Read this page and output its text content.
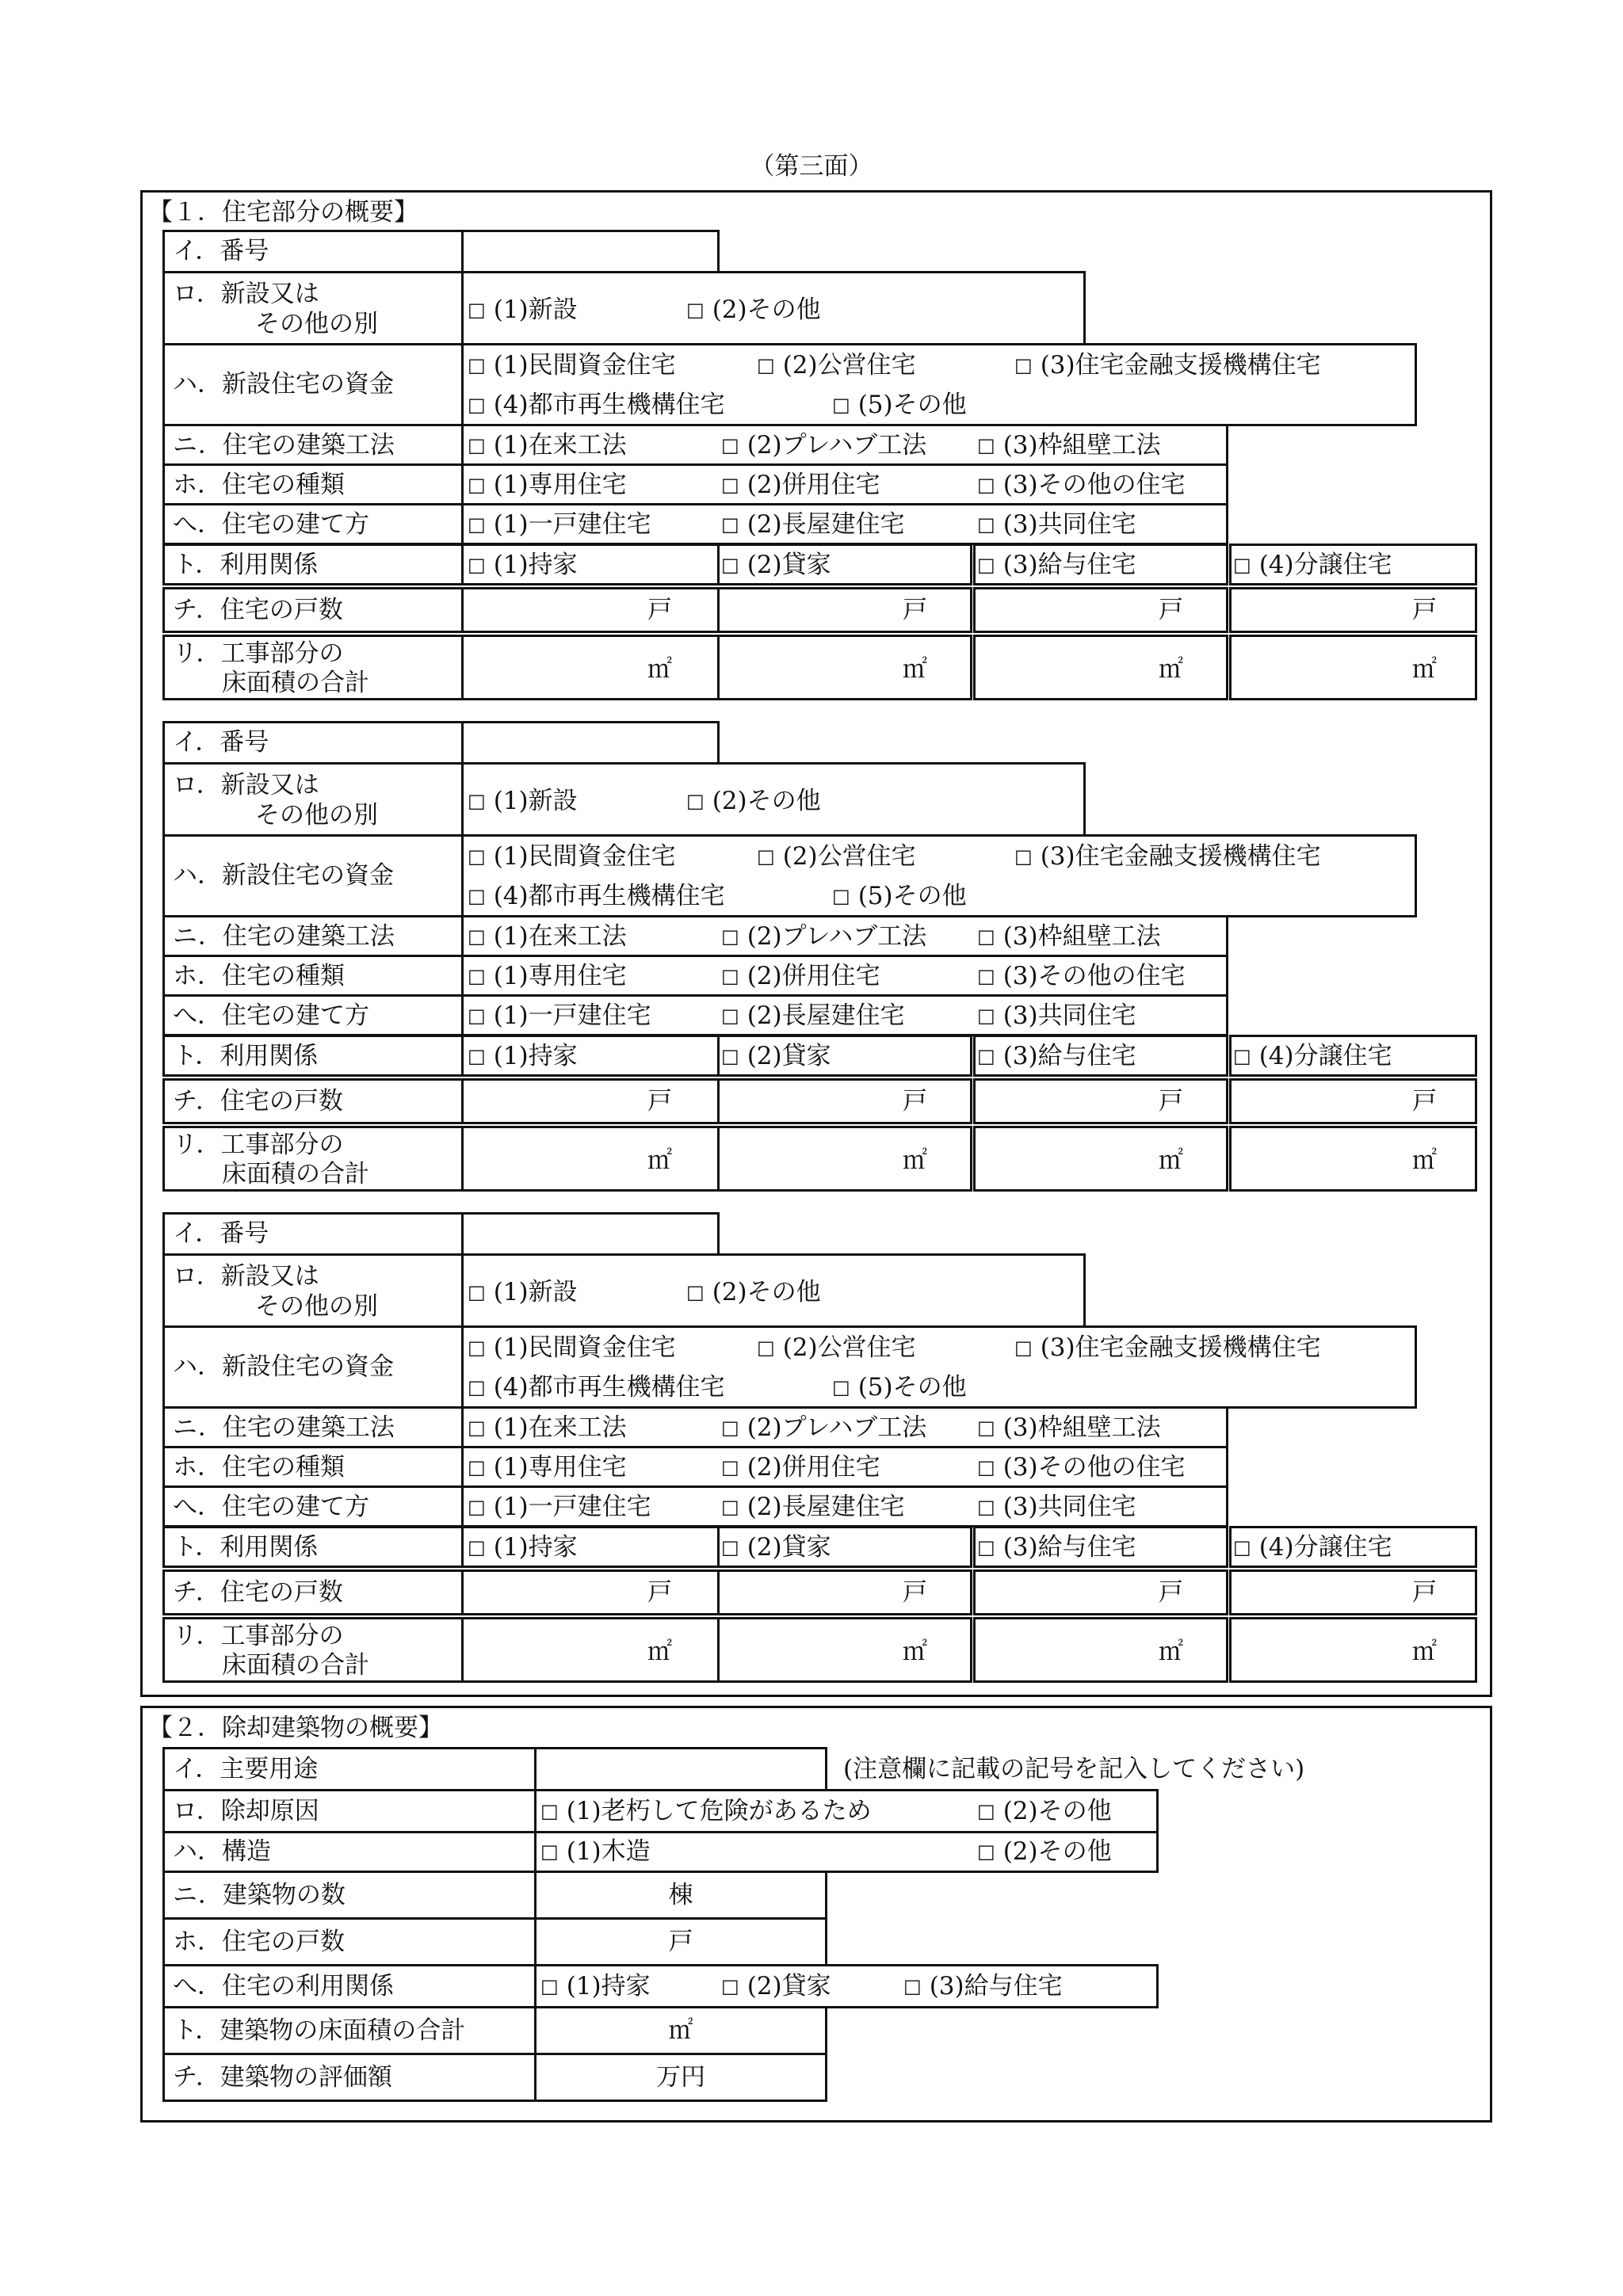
（第三面）
【１．住宅部分の概要】
イ．番号
ロ．新設又は
その他の別	□ (1)新設	□ (2)その他
ハ．新設住宅の資金
□ (1)民間資金住宅	□ (2)公営住宅	□ (3)住宅金融支援機構住宅
□ (4)都市再生機構住宅	□ (5)その他
ニ．住宅の建築工法	□ (1)在来工法	□ (2)プレハブ工法	□ (3)枠組壁工法
ホ．住宅の種類	□ (1)専用住宅	□ (2)併用住宅	□ (3)その他の住宅
へ．住宅の建て方	□ (1)一戸建住宅	□ (2)長屋建住宅	□ (3)共同住宅
ト．利用関係	□ (1)持家	□ (2)貸家	□ (3)給与住宅	□ (4)分譲住宅
チ．住宅の戸数	戸	戸	戸	戸
リ．工事部分の
床面積の合計	㎡	㎡	㎡	㎡
イ．番号
ロ．新設又は
その他の別	□ (1)新設	□ (2)その他
ハ．新設住宅の資金
□ (1)民間資金住宅	□ (2)公営住宅	□ (3)住宅金融支援機構住宅
□ (4)都市再生機構住宅	□ (5)その他
ニ．住宅の建築工法	□ (1)在来工法	□ (2)プレハブ工法	□ (3)枠組壁工法
ホ．住宅の種類	□ (1)専用住宅	□ (2)併用住宅	□ (3)その他の住宅
へ．住宅の建て方	□ (1)一戸建住宅	□ (2)長屋建住宅	□ (3)共同住宅
ト．利用関係	□ (1)持家	□ (2)貸家	□ (3)給与住宅	□ (4)分譲住宅
チ．住宅の戸数	戸	戸	戸	戸
リ．工事部分の
床面積の合計	㎡	㎡	㎡	㎡
イ．番号
ロ．新設又は
その他の別	□ (1)新設	□ (2)その他
ハ．新設住宅の資金
□ (1)民間資金住宅	□ (2)公営住宅	□ (3)住宅金融支援機構住宅
□ (4)都市再生機構住宅	□ (5)その他
ニ．住宅の建築工法	□ (1)在来工法	□ (2)プレハブ工法	□ (3)枠組壁工法
ホ．住宅の種類	□ (1)専用住宅	□ (2)併用住宅	□ (3)その他の住宅
へ．住宅の建て方	□ (1)一戸建住宅	□ (2)長屋建住宅	□ (3)共同住宅
ト．利用関係	□ (1)持家	□ (2)貸家	□ (3)給与住宅	□ (4)分譲住宅
チ．住宅の戸数	戸	戸	戸	戸
リ．工事部分の
床面積の合計	㎡	㎡	㎡	㎡
【２．除却建築物の概要】
イ．主要用途	(注意欄に記載の記号を記入してください)
ロ．除却原因	□ (1)老朽して危険があるため	□ (2)その他
ハ．構造	□ (1)木造	□ (2)その他
ニ．建築物の数	棟
ホ．住宅の戸数	戸
へ．住宅の利用関係	□ (1)持家	□ (2)貸家	□ (3)給与住宅
ト．建築物の床面積の合計	㎡
チ．建築物の評価額	万円
